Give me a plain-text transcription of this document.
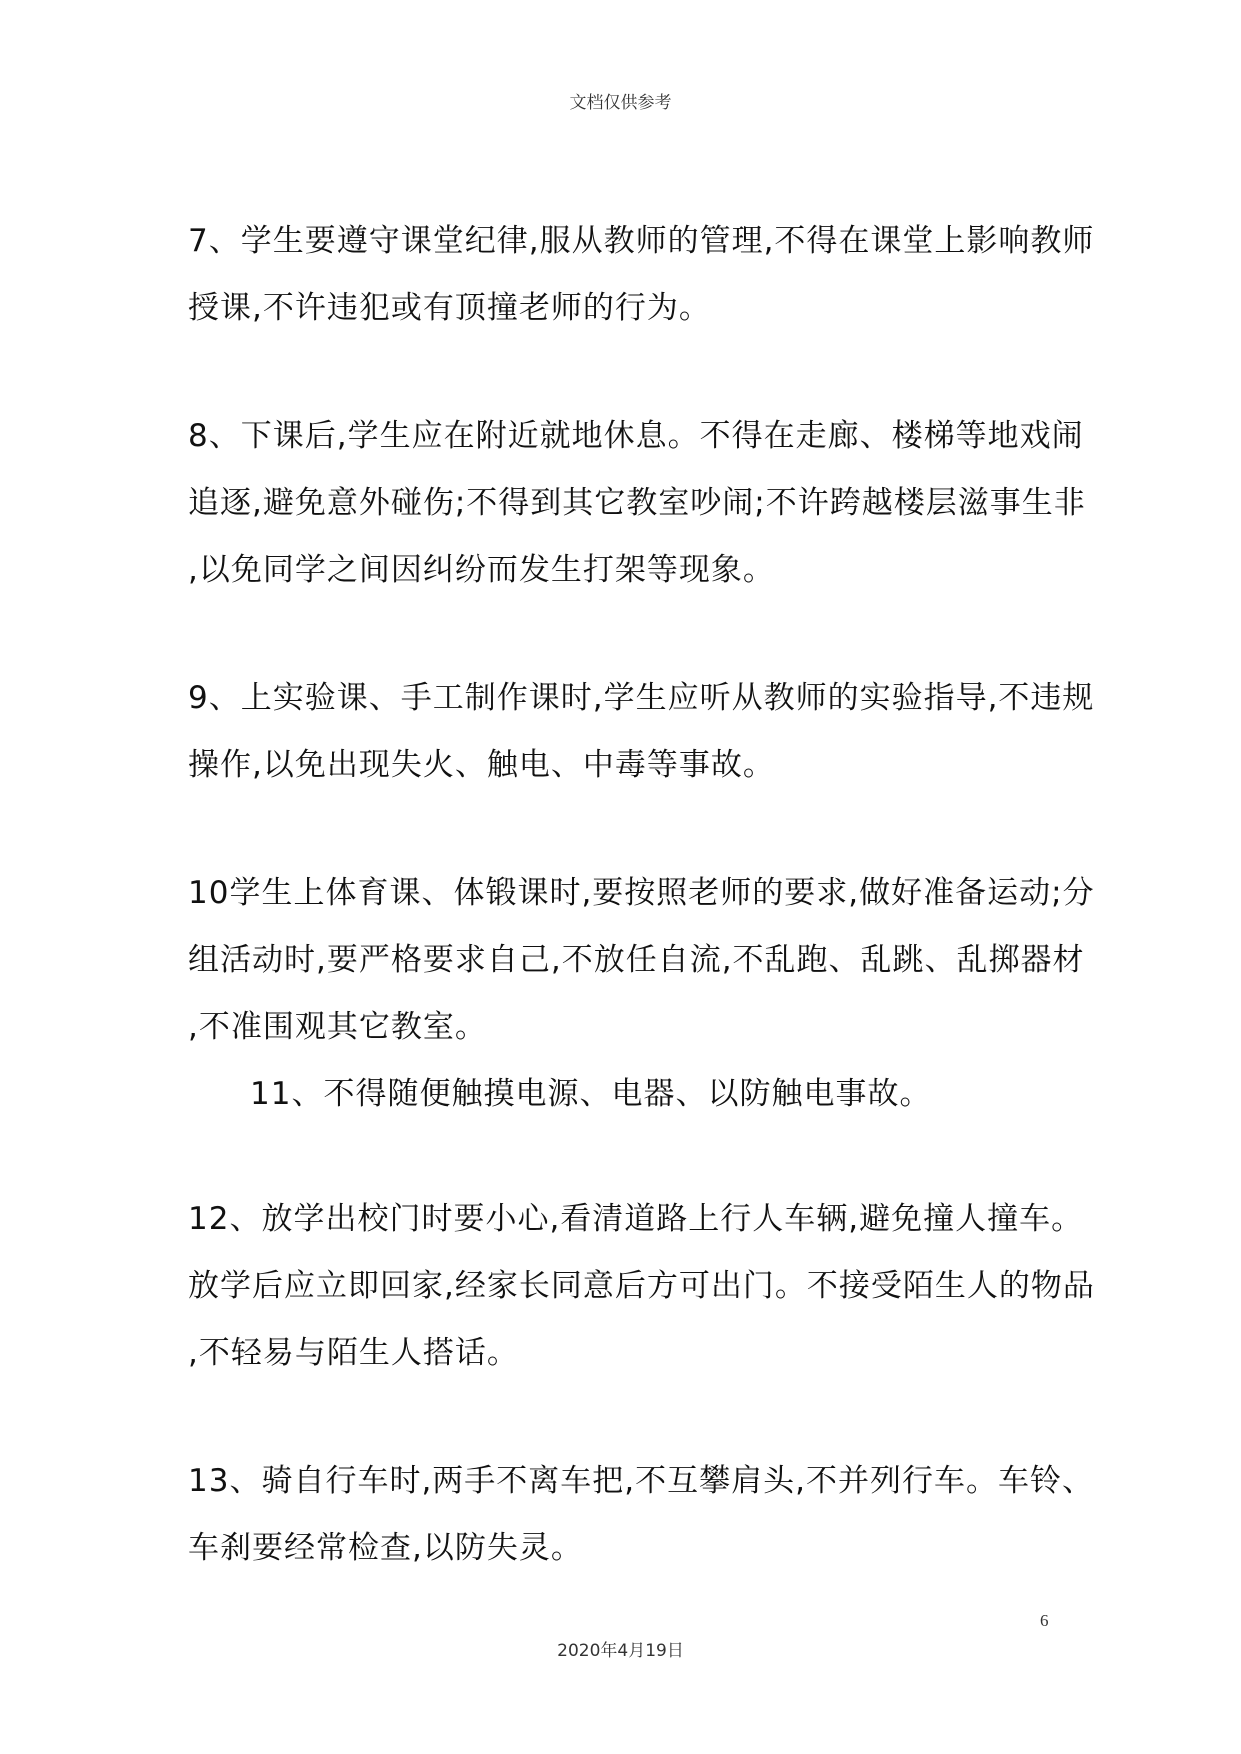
文档仅供参考
7、学生要遵守课堂纪律,服从教师的管理,不得在课堂上影响教师
授课,不许违犯或有顶撞老师的行为。
8、下课后,学生应在附近就地休息。不得在走廊、楼梯等地戏闹
追逐,避免意外碰伤;不得到其它教室吵闹;不许跨越楼层滋事生非
,以免同学之间因纠纷而发生打架等现象。
9、上实验课、手工制作课时,学生应听从教师的实验指导,不违规
操作,以免出现失火、触电、中毒等事故。
10学生上体育课、体锻课时,要按照老师的要求,做好准备运动;分
组活动时,要严格要求自己,不放任自流,不乱跑、乱跳、乱掷器材
,不准围观其它教室。
11、不得随便触摸电源、电器、以防触电事故。
12、放学出校门时要小心,看清道路上行人车辆,避免撞人撞车。
放学后应立即回家,经家长同意后方可出门。不接受陌生人的物品
,不轻易与陌生人搭话。
13、骑自行车时,两手不离车把,不互攀肩头,不并列行车。车铃、
车刹要经常检查,以防失灵。
6
2020年4月19日
